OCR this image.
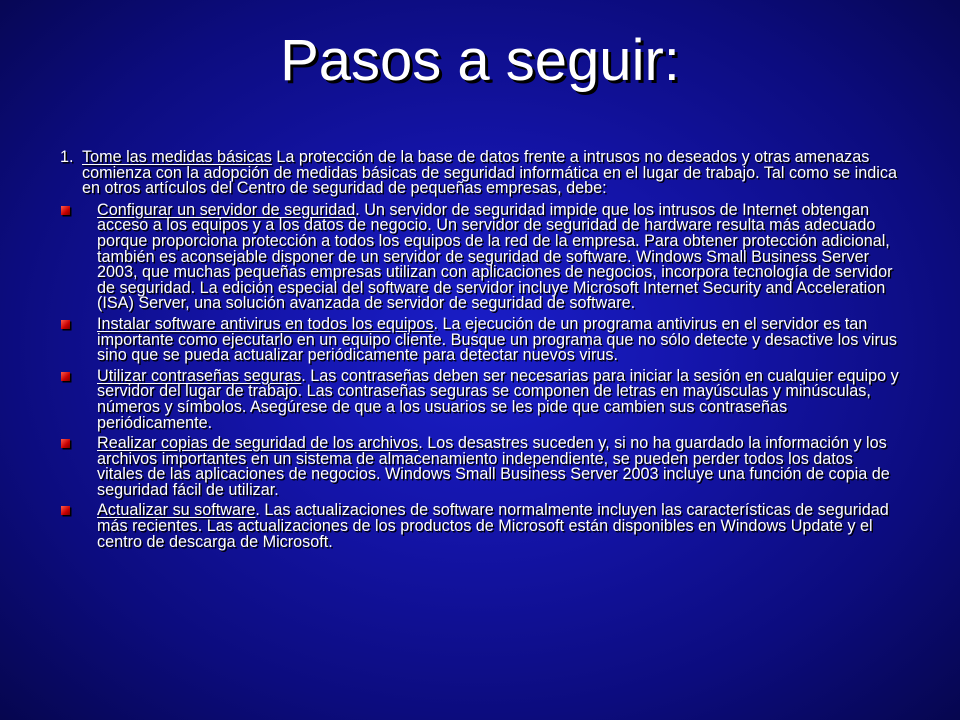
Pasos a seguir:
1. Tome las medidas básicas La protección de la base de datos frente a intrusos no deseados y otras amenazas comienza con la adopción de medidas básicas de seguridad informática en el lugar de trabajo. Tal como se indica en otros artículos del Centro de seguridad de pequeñas empresas, debe:
Configurar un servidor de seguridad. Un servidor de seguridad impide que los intrusos de Internet obtengan acceso a los equipos y a los datos de negocio. Un servidor de seguridad de hardware resulta más adecuado porque proporciona protección a todos los equipos de la red de la empresa. Para obtener protección adicional, también es aconsejable disponer de un servidor de seguridad de software. Windows Small Business Server 2003, que muchas pequeñas empresas utilizan con aplicaciones de negocios, incorpora tecnología de servidor de seguridad. La edición especial del software de servidor incluye Microsoft Internet Security and Acceleration (ISA) Server, una solución avanzada de servidor de seguridad de software.
Instalar software antivirus en todos los equipos. La ejecución de un programa antivirus en el servidor es tan importante como ejecutarlo en un equipo cliente. Busque un programa que no sólo detecte y desactive los virus sino que se pueda actualizar periódicamente para detectar nuevos virus.
Utilizar contraseñas seguras. Las contraseñas deben ser necesarias para iniciar la sesión en cualquier equipo y servidor del lugar de trabajo. Las contraseñas seguras se componen de letras en mayúsculas y minúsculas, números y símbolos. Asegúrese de que a los usuarios se les pide que cambien sus contraseñas periódicamente.
Realizar copias de seguridad de los archivos. Los desastres suceden y, si no ha guardado la información y los archivos importantes en un sistema de almacenamiento independiente, se pueden perder todos los datos vitales de las aplicaciones de negocios. Windows Small Business Server 2003 incluye una función de copia de seguridad fácil de utilizar.
Actualizar su software. Las actualizaciones de software normalmente incluyen las características de seguridad más recientes. Las actualizaciones de los productos de Microsoft están disponibles en Windows Update y el centro de descarga de Microsoft.
